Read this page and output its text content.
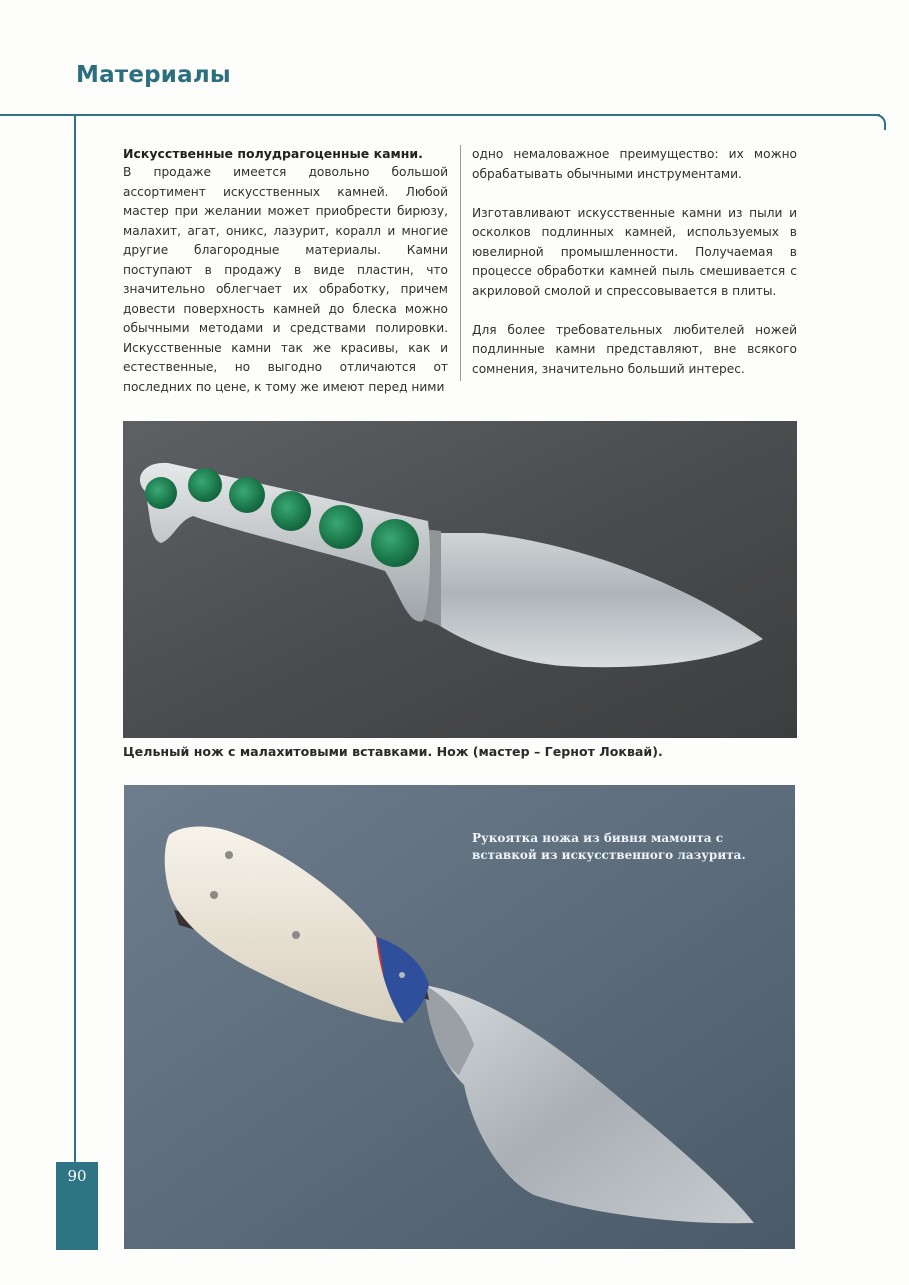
Материалы
Искусственные полудрагоценные камни.

В продаже имеется довольно большой ассортимент искусственных камней. Любой мастер при желании может приобрести бирюзу, малахит, агат, оникс, лазурит, коралл и многие другие благородные материалы. Камни поступают в продажу в виде пластин, что значительно облегчает их обработку, причем довести поверхность камней до блеска можно обычными методами и средствами полировки. Искусственные камни так же красивы, как и естественные, но выгодно отличаются от последних по цене, к тому же имеют перед ними

одно немаловажное преимущество: их можно обрабатывать обычными инструментами.

Изготавливают искусственные камни из пыли и осколков подлинных камней, используемых в ювелирной промышленности. Получаемая в процессе обработки камней пыль смешивается с акриловой смолой и спрессовывается в плиты.

Для более требовательных любителей ножей подлинные камни представляют, вне всякого сомнения, значительно больший интерес.

Цельный нож с малахитовыми вставками. Нож (мастер – Гернот Локвай).

Рукоятка ножа из бивня мамонта с вставкой из искусственного лазурита.

90
